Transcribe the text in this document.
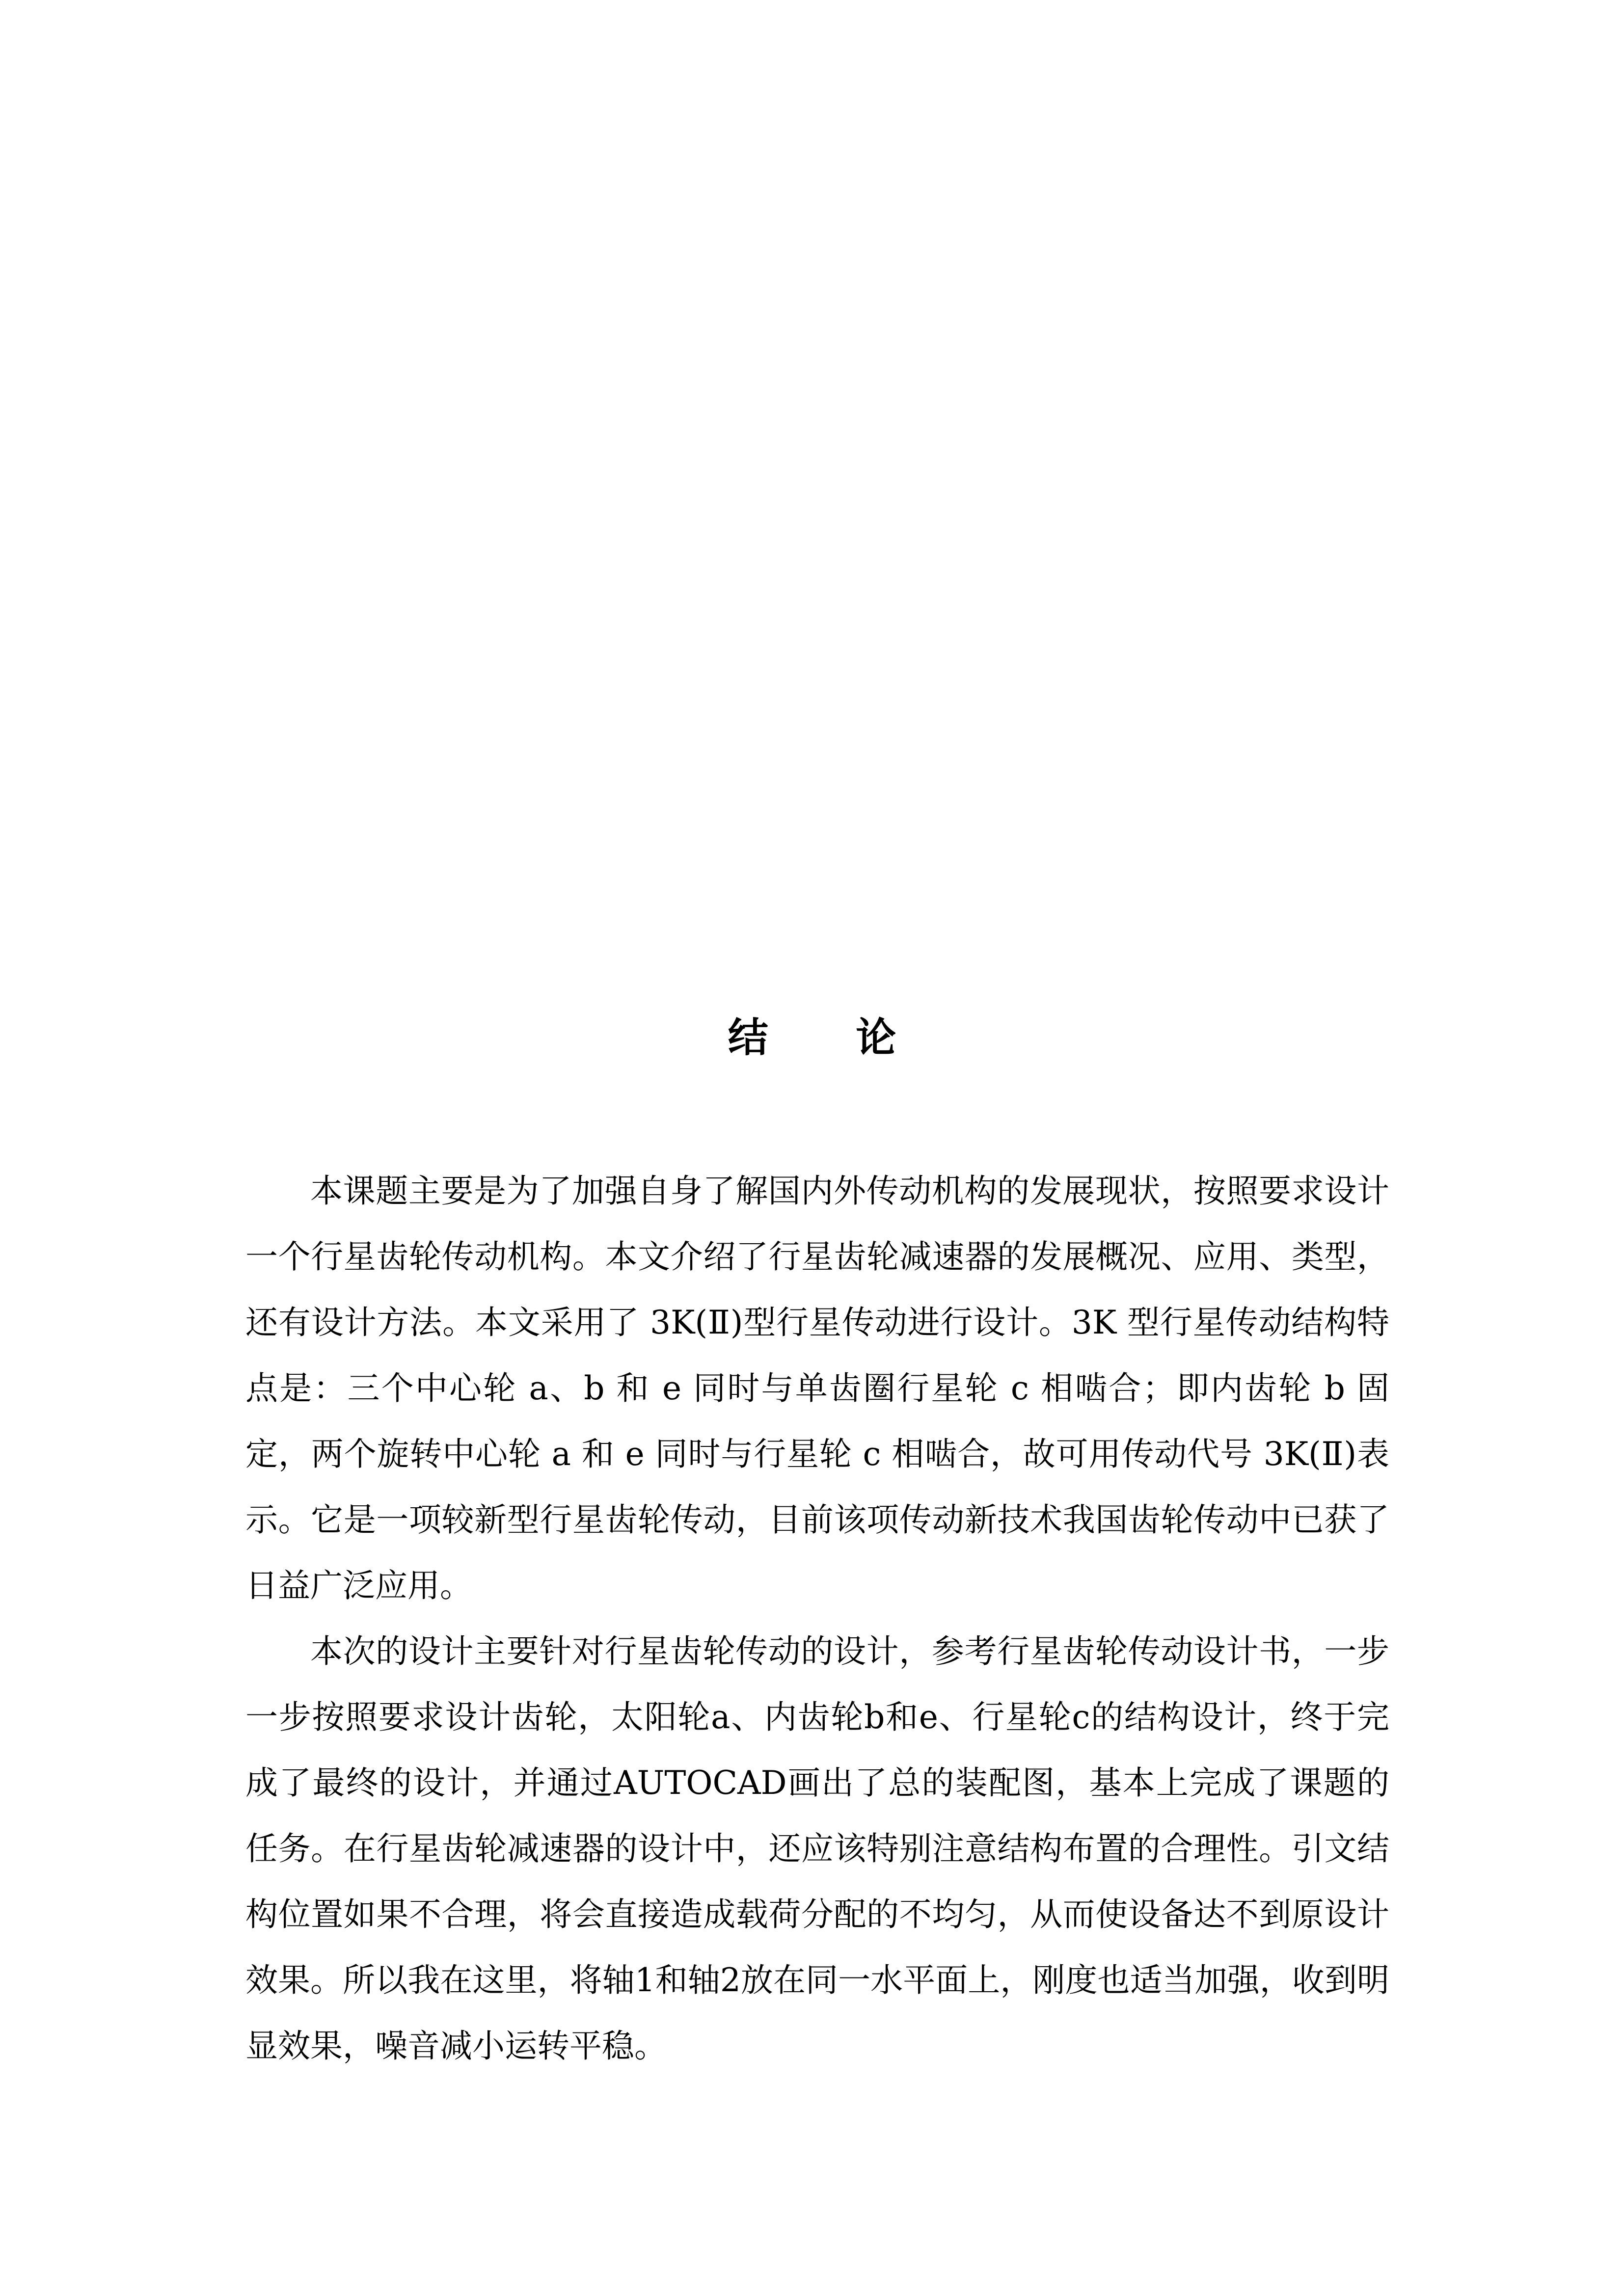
结 论

本课题主要是为了加强自身了解国内外传动机构的发展现状，按照要求设计一个行星齿轮传动机构。本文介绍了行星齿轮减速器的发展概况、应用、类型，还有设计方法。本文采用了 3K(Ⅱ)型行星传动进行设计。3K 型行星传动结构特点是：三个中心轮 a、b 和 e 同时与单齿圈行星轮 c 相啮合；即内齿轮 b 固定，两个旋转中心轮 a 和 e 同时与行星轮 c 相啮合，故可用传动代号 3K(Ⅱ)表示。它是一项较新型行星齿轮传动，目前该项传动新技术我国齿轮传动中已获了日益广泛应用。

本次的设计主要针对行星齿轮传动的设计，参考行星齿轮传动设计书，一步一步按照要求设计齿轮，太阳轮a、内齿轮b和e、行星轮c的结构设计，终于完成了最终的设计，并通过AUTOCAD画出了总的装配图，基本上完成了课题的任务。在行星齿轮减速器的设计中，还应该特别注意结构布置的合理性。引文结构位置如果不合理，将会直接造成载荷分配的不均匀，从而使设备达不到原设计效果。所以我在这里，将轴1和轴2放在同一水平面上，刚度也适当加强，收到明显效果，噪音减小运转平稳。
